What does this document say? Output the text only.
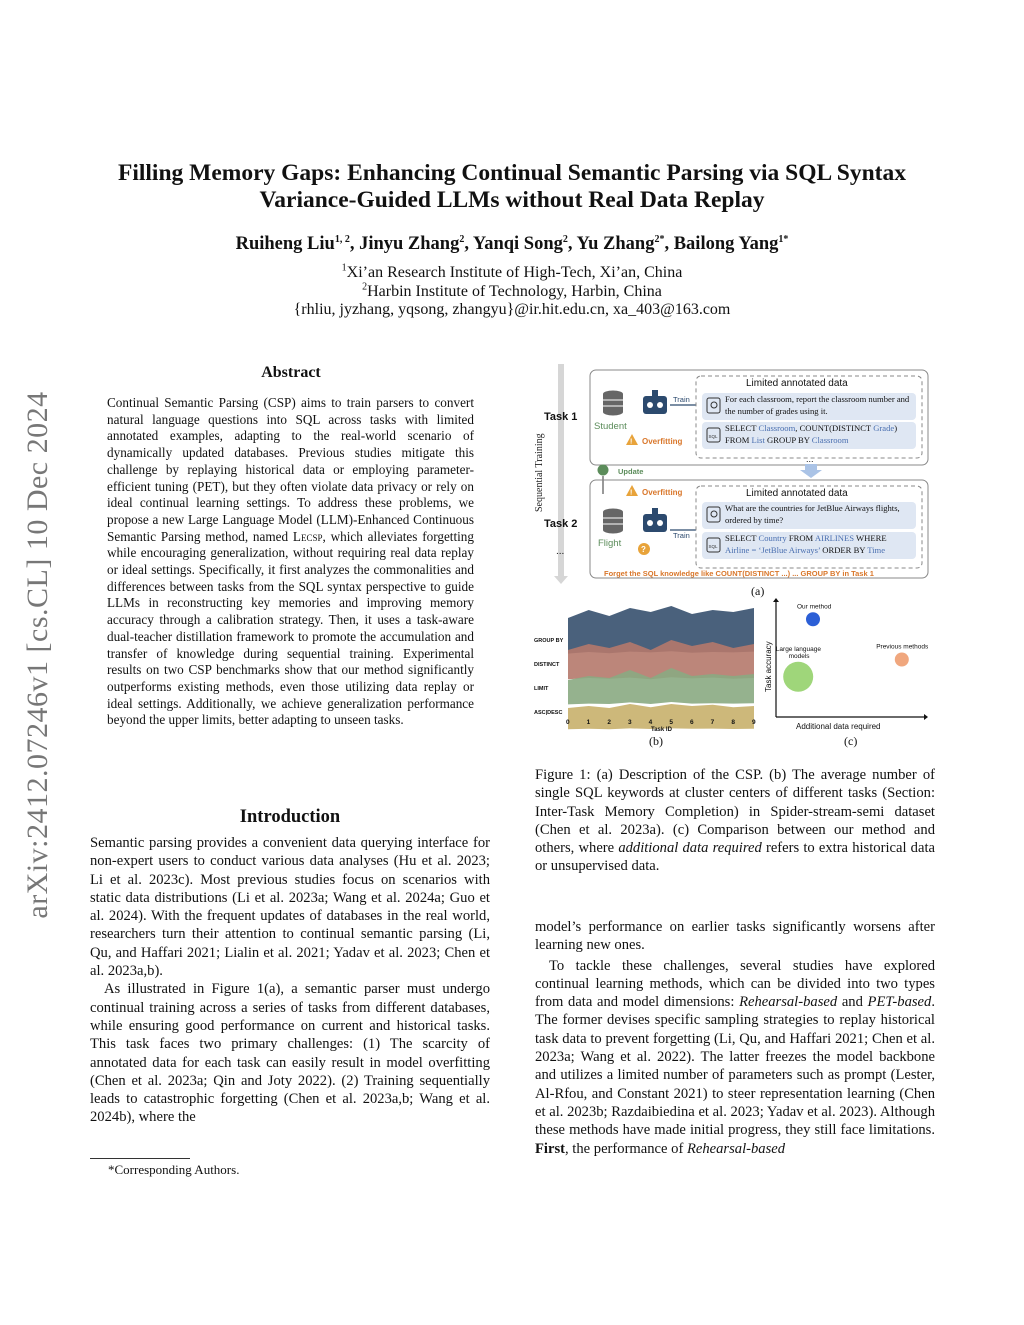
arXiv:2412.07246v1 [cs.CL] 10 Dec 2024
Filling Memory Gaps: Enhancing Continual Semantic Parsing via SQL Syntax
Variance-Guided LLMs without Real Data Replay
Ruiheng Liu$^{1, 2}$, Jinyu Zhang$^2$, Yanqi Song$^2$, Yu Zhang$^{2*}$, Bailong Yang$^{1*}$
$^1$Xi’an Research Institute of High-Tech, Xi’an, China
$^2$Harbin Institute of Technology, Harbin, China
{rhliu, jyzhang, yqsong, zhangyu}@ir.hit.edu.cn, xa_403@163.com
Abstract
Continual Semantic Parsing (CSP) aims to train parsers to convert natural language questions into SQL across tasks with limited annotated examples, adapting to the real-world scenario of dynamically updated databases. Previous studies mitigate this challenge by replaying historical data or employing parameter-efficient tuning (PET), but they often violate data privacy or rely on ideal continual learning settings. To address these problems, we propose a new Large Language Model (LLM)-Enhanced Continuous Semantic Parsing method, named Lecsp, which alleviates forgetting while encouraging generalization, without requiring real data replay or ideal settings. Specifically, it first analyzes the commonalities and differences between tasks from the SQL syntax perspective to guide LLMs in reconstructing key memories and improving memory accuracy through a calibration strategy. Then, it uses a task-aware dual-teacher distillation framework to promote the accumulation and transfer of knowledge during sequential training. Experimental results on two CSP benchmarks show that our method significantly outperforms existing methods, even those utilizing data replay or ideal settings. Additionally, we achieve generalization performance beyond the upper limits, better adapting to unseen tasks.
Introduction

Semantic parsing provides a convenient data querying interface for non-expert users to conduct various data analyses (Hu et al. 2023; Li et al. 2023c). Most previous studies focus on scenarios with static data distributions (Li et al. 2023a; Wang et al. 2024a; Guo et al. 2024). With the frequent updates of databases in the real world, researchers turn their attention to continual semantic parsing (Li, Qu, and Haffari 2021; Lialin et al. 2021; Yadav et al. 2023; Chen et al. 2023a,b).

As illustrated in Figure 1(a), a semantic parser must undergo continual training across a series of tasks from different databases, while ensuring good performance on current and historical tasks. This task faces two primary challenges: (1) The scarcity of annotated data for each task can easily result in model overfitting (Chen et al. 2023a; Qin and Joty 2022). (2) Training sequentially leads to catastrophic forgetting (Chen et al. 2023a,b; Wang et al. 2024b), where the

*Corresponding Authors.
Sequential Training
Task 1
Task 2
...
Student
Train
! Overfitting
Limited annotated data
For each classroom, report the classroom number and the number of grades using it.
SQL
SELECT Classroom, COUNT(DISTINCT Grade)
FROM List GROUP BY Classroom
Update
...
! Overfitting
Flight
?
Train
Limited annotated data
What are the countries for JetBlue Airways flights, ordered by time?
SQL
SELECT Country FROM AIRLINES WHERE
Airline = ‘JetBlue Airways’ ORDER BY Time
Forget the SQL knowledge like COUNT(DISTINCT ...) ... GROUP BY in Task 1
(a)
GROUP BY
DISTINCT
LIMIT
ASC|DESC
0	1	2	3	4	5	6	7	8	9
Task ID
(b)
Our method
Large language
models
Previous methods
Additional data required
Task accuracy
(c)
Figure 1: (a) Description of the CSP. (b) The average number of single SQL keywords at cluster centers of different tasks (Section: Inter-Task Memory Completion) in Spider-stream-semi dataset (Chen et al. 2023a). (c) Comparison between our method and others, where additional data required refers to extra historical data or unsupervised data.

model’s performance on earlier tasks significantly worsens after learning new ones.

To tackle these challenges, several studies have explored continual learning methods, which can be divided into two types from data and model dimensions: Rehearsal-based and PET-based. The former devises specific sampling strategies to replay historical task data to prevent forgetting (Li, Qu, and Haffari 2021; Chen et al. 2023a; Wang et al. 2022). The latter freezes the model backbone and utilizes a limited number of parameters such as prompt (Lester, Al-Rfou, and Constant 2021) to steer representation learning (Chen et al. 2023b; Razdaibiedina et al. 2023; Yadav et al. 2023). Although these methods have made initial progress, they still face limitations. First, the performance of Rehearsal-based
